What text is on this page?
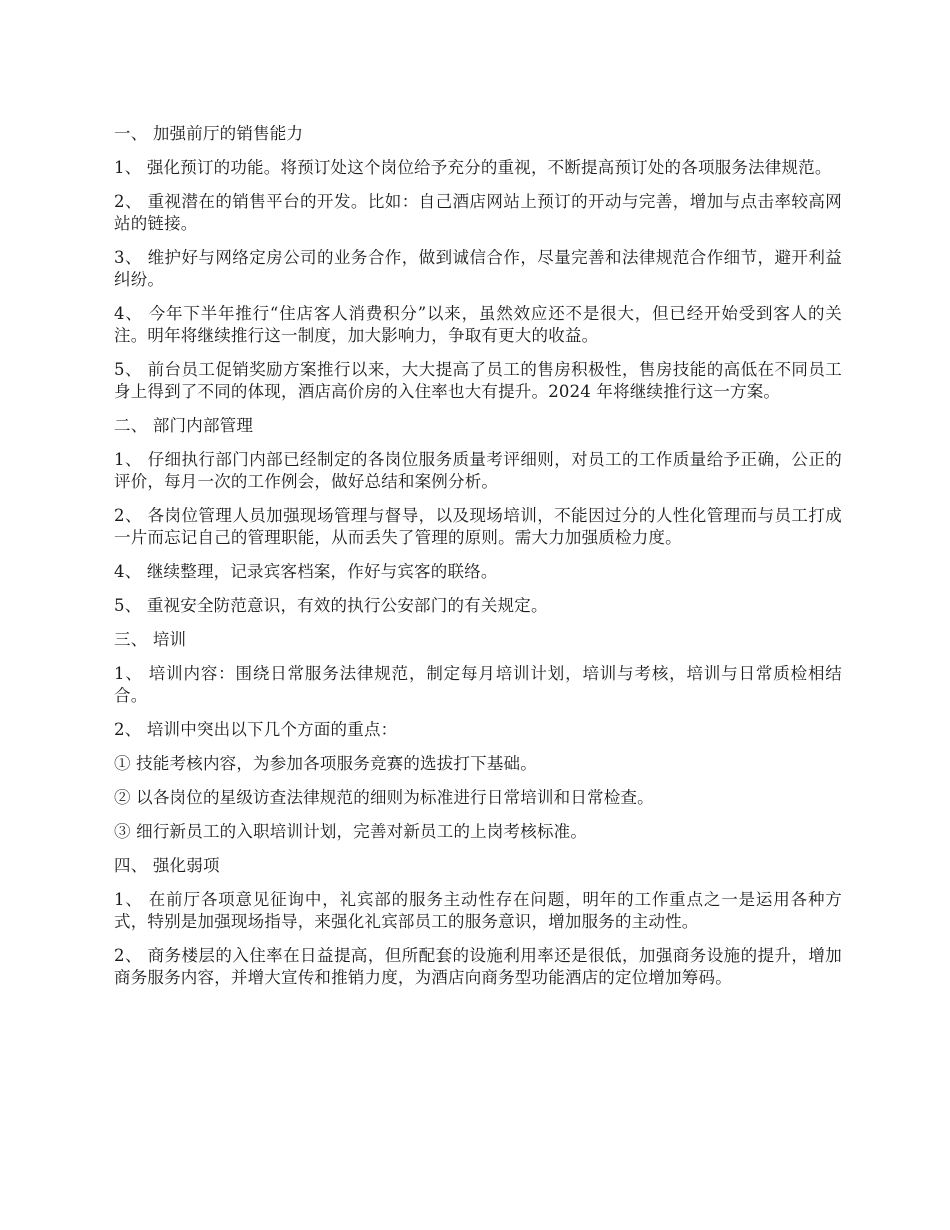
一、 加强前厅的销售能力

1、 强化预订的功能。将预订处这个岗位给予充分的重视，不断提高预订处的各项服务法律规范。

2、 重视潜在的销售平台的开发。比如：自己酒店网站上预订的开动与完善，增加与点击率较高网站的链接。

3、 维护好与网络定房公司的业务合作，做到诚信合作，尽量完善和法律规范合作细节，避开利益纠纷。

4、 今年下半年推行“住店客人消费积分”以来，虽然效应还不是很大，但已经开始受到客人的关注。明年将继续推行这一制度，加大影响力，争取有更大的收益。

5、 前台员工促销奖励方案推行以来，大大提高了员工的售房积极性，售房技能的高低在不同员工身上得到了不同的体现，酒店高价房的入住率也大有提升。2024 年将继续推行这一方案。

二、 部门内部管理

1、 仔细执行部门内部已经制定的各岗位服务质量考评细则，对员工的工作质量给予正确，公正的评价，每月一次的工作例会，做好总结和案例分析。

2、 各岗位管理人员加强现场管理与督导，以及现场培训，不能因过分的人性化管理而与员工打成一片而忘记自己的管理职能，从而丢失了管理的原则。需大力加强质检力度。

4、 继续整理，记录宾客档案，作好与宾客的联络。

5、 重视安全防范意识，有效的执行公安部门的有关规定。

三、 培训

1、 培训内容：围绕日常服务法律规范，制定每月培训计划，培训与考核，培训与日常质检相结合。

2、 培训中突出以下几个方面的重点：

① 技能考核内容，为参加各项服务竞赛的选拔打下基础。

② 以各岗位的星级访查法律规范的细则为标准进行日常培训和日常检查。

③ 细行新员工的入职培训计划，完善对新员工的上岗考核标准。

四、 强化弱项

1、 在前厅各项意见征询中，礼宾部的服务主动性存在问题，明年的工作重点之一是运用各种方式，特别是加强现场指导，来强化礼宾部员工的服务意识，增加服务的主动性。

2、 商务楼层的入住率在日益提高，但所配套的设施利用率还是很低，加强商务设施的提升，增加商务服务内容，并增大宣传和推销力度，为酒店向商务型功能酒店的定位增加筹码。
